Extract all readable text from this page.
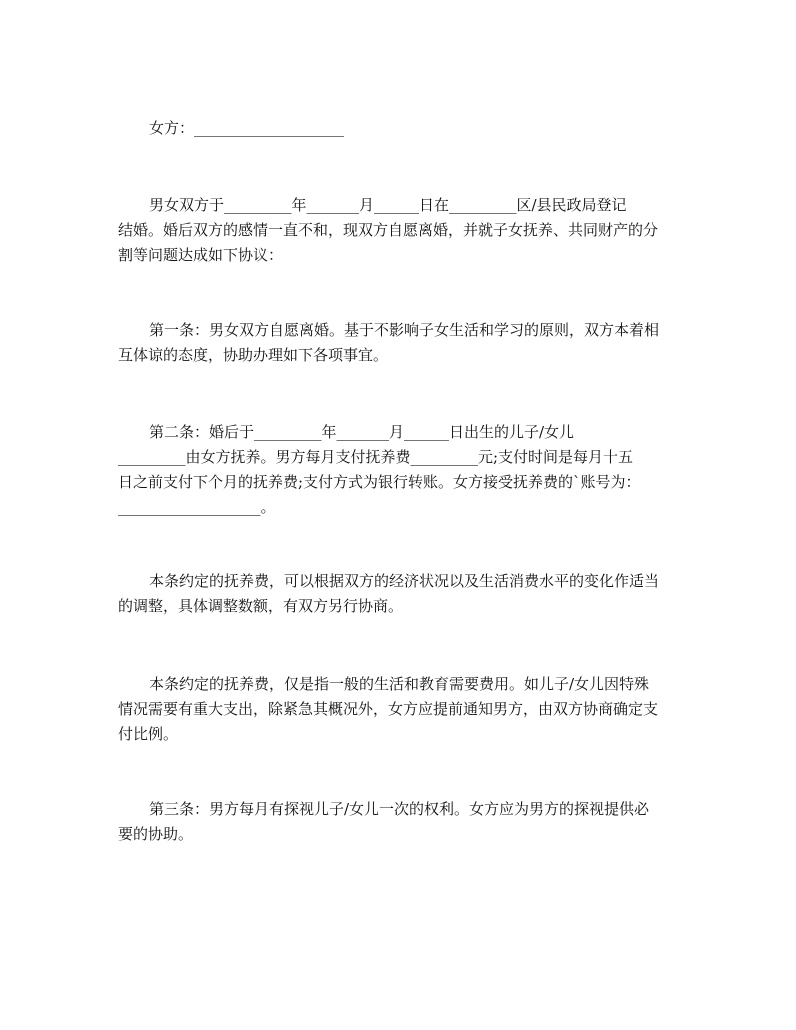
女方：____________________

男女双方于_________年_______月______日在_________区/县民政局登记
结婚。婚后双方的感情一直不和，现双方自愿离婚，并就子女抚养、共同财产的分
割等问题达成如下协议：

第一条：男女双方自愿离婚。基于不影响子女生活和学习的原则，双方本着相
互体谅的态度，协助办理如下各项事宜。

第二条：婚后于_________年_______月______日出生的儿子/女儿
_________由女方抚养。男方每月支付抚养费_________元;支付时间是每月十五
日之前支付下个月的抚养费;支付方式为银行转账。女方接受抚养费的`账号为：
___________________。

本条约定的抚养费，可以根据双方的经济状况以及生活消费水平的变化作适当
的调整，具体调整数额，有双方另行协商。

本条约定的抚养费，仅是指一般的生活和教育需要费用。如儿子/女儿因特殊
情况需要有重大支出，除紧急其概况外，女方应提前通知男方，由双方协商确定支
付比例。

第三条：男方每月有探视儿子/女儿一次的权利。女方应为男方的探视提供必
要的协助。
